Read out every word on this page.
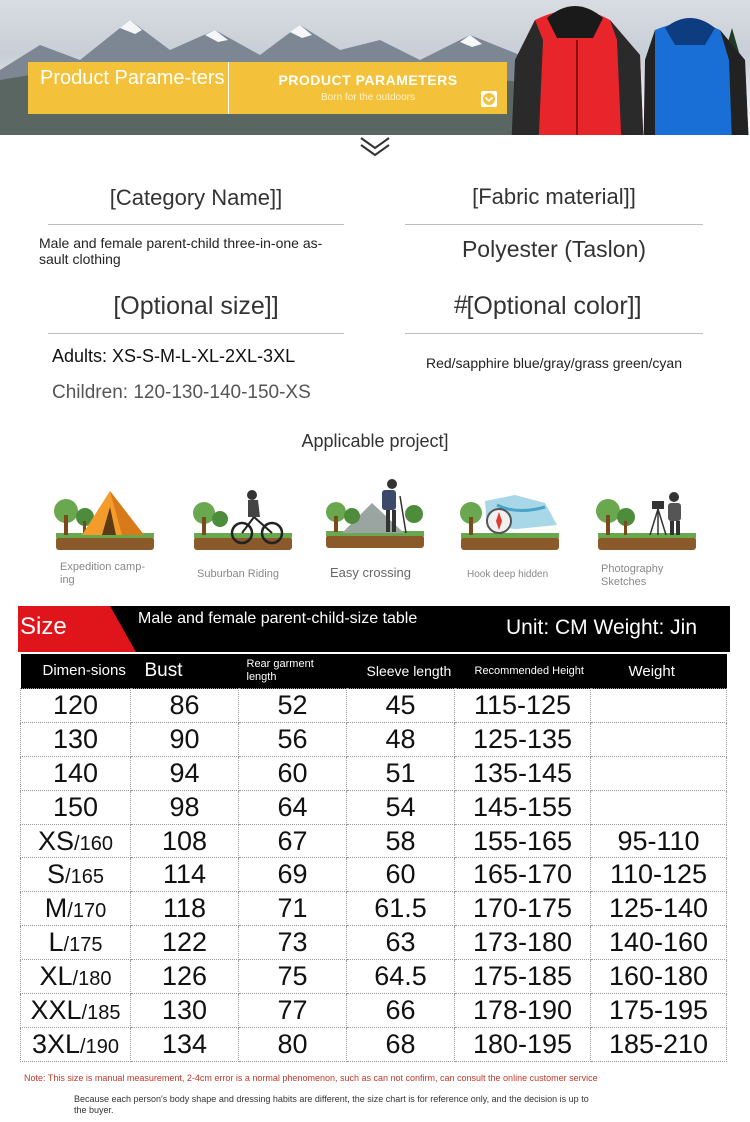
Product Parame-ters	PRODUCT PARAMETERS
Born for the outdoors
[Category Name]]
Male and female parent-child three-in-one as-sault clothing
[Fabric material]]
Polyester (Taslon)
[Optional size]]
Adults: XS-S-M-L-XL-2XL-3XL
Children: 120-130-140-150-XS
#
[Optional color]]
Red/sapphire blue/gray/grass green/cyan
Applicable project]
Expedition camp-ing	Suburban Riding	Easy crossing	Hook deep hidden	Photography Sketches
Size	Male and female parent-child-size table	Unit: CM Weight: Jin
Dimen-sions	Bust	Rear garment length	Sleeve length	Recommended Height	Weight
120	86	52	45	115-125	
130	90	56	48	125-135	
140	94	60	51	135-145	
150	98	64	54	145-155	
XS/160	108	67	58	155-165	95-110
S/165	114	69	60	165-170	110-125
M/170	118	71	61.5	170-175	125-140
L/175	122	73	63	173-180	140-160
XL/180	126	75	64.5	175-185	160-180
XXL/185	130	77	66	178-190	175-195
3XL/190	134	80	68	180-195	185-210
Note: This size is manual measurement, 2-4cm error is a normal phenomenon, such as can not confirm, can consult the online customer service
Because each person's body shape and dressing habits are different, the size chart is for reference only, and the decision is up to the buyer.
